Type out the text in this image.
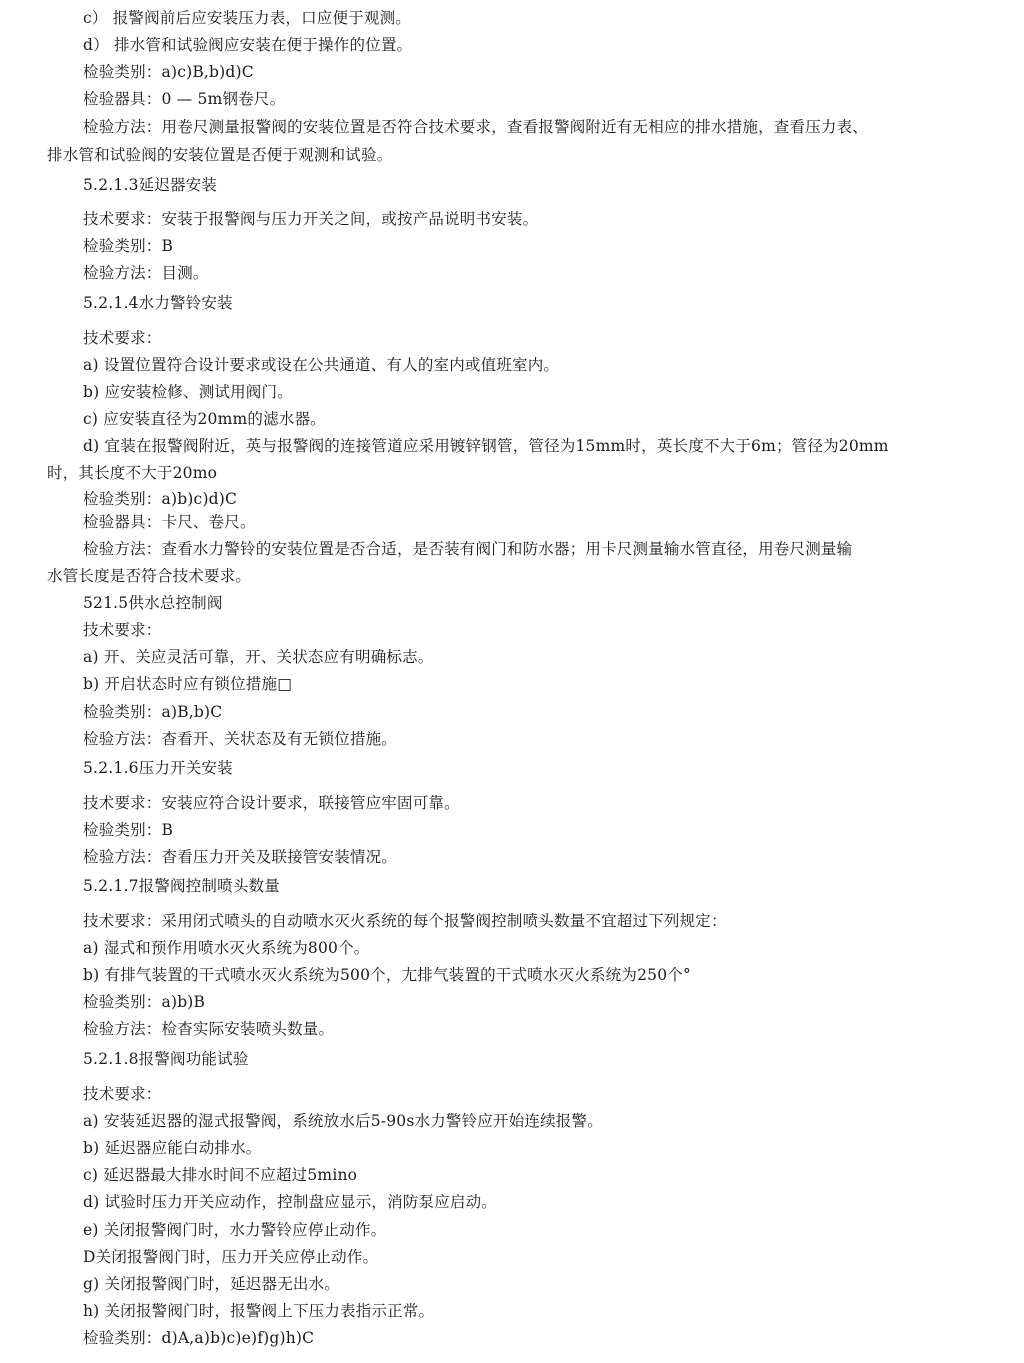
c） 报警阀前后应安装压力表，口应便于观测。
d） 排水管和试验阀应安装在便于操作的位置。
检验类别：a)c)B,b)d)C
检验器具：0 — 5m钢卷尺。
检验方法：用卷尺测量报警阀的安装位置是否符合技术要求，查看报警阀附近有无相应的排水措施，查看压力表、
排水管和试验阀的安装位置是否便于观测和试验。
5.2.1.3延迟器安装
技术要求：安装于报警阀与压力开关之间，或按产品说明书安装。
检验类别：B
检验方法：目测。
5.2.1.4水力警铃安装
技术要求：
a) 设置位置符合设计要求或设在公共通道、有人的室内或值班室内。
b) 应安装检修、测试用阀门。
c) 应安装直径为20mm的滤水器。
d) 宜装在报警阀附近，英与报警阀的连接管道应采用镀锌钢管，管径为15mm时，英长度不大于6m；管径为20mm
时，其长度不大于20mo
检验类别：a)b)c)d)C
检验器具：卡尺、卷尺。
检验方法：查看水力警铃的安装位置是否合适，是否装有阀门和防水器；用卡尺测量输水管直径，用卷尺测量输
水管长度是否符合技术要求。
521.5供水总控制阀
技术要求：
a) 开、关应灵活可靠，开、关状态应有明确标志。
b) 开启状态时应有锁位措施□
检验类别：a)B,b)C
检验方法：杳看开、关状态及有无锁位措施。
5.2.1.6压力开关安装
技术要求：安装应符合设计要求，联接管应牢固可靠。
检验类别：B
检验方法：杳看压力开关及联接管安装情况。
5.2.1.7报警阀控制喷头数量
技术要求：采用闭式喷头的自动喷水灭火系统的每个报警阀控制喷头数量不宜超过下列规定：
a) 湿式和预作用喷水灭火系统为800个。
b) 有排气装置的干式喷水灭火系统为500个，尢排气装置的干式喷水灭火系统为250个°
检验类别：a)b)B
检验方法：检杳实际安装喷头数量。
5.2.1.8报警阀功能试验
技术要求：
a) 安装延迟器的湿式报警阀，系统放水后5-90s水力警铃应开始连续报警。
b) 延迟器应能白动排水。
c) 延迟器最大排水时间不应超过5mino
d) 试验时压力开关应动作，控制盘应显示，消防泵应启动。
e) 关闭报警阀门时，水力警铃应停止动作。
D关闭报警阀门时，压力开关应停止动作。
g) 关闭报警阀门时，延迟器无出水。
h) 关闭报警阀门时，报警阀上下压力表指示正常。
检验类别：d)A,a)b)c)e)f)g)h)C
